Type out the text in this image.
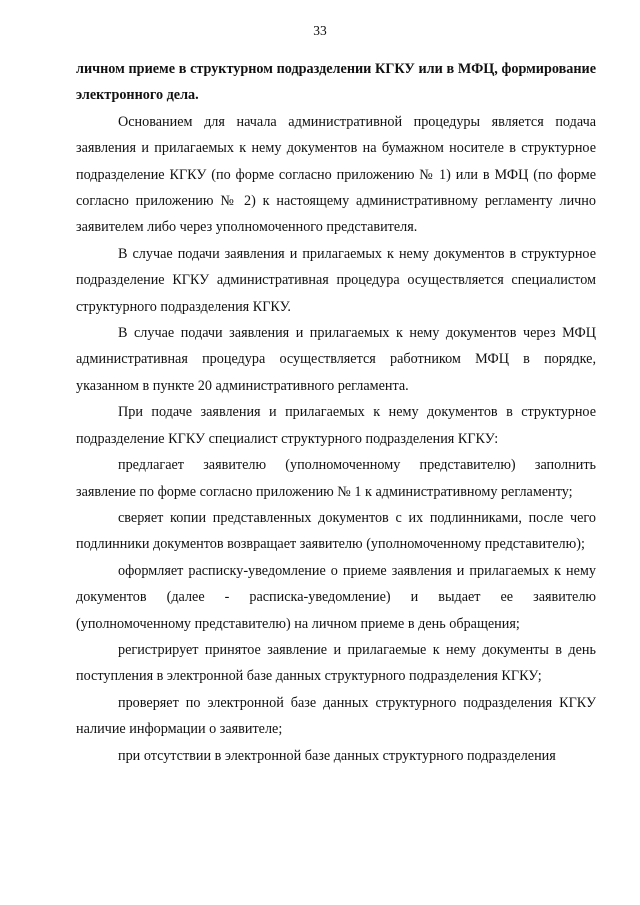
33

личном приеме в структурном подразделении КГКУ или в МФЦ, формирование электронного дела.

Основанием для начала административной процедуры является подача заявления и прилагаемых к нему документов на бумажном носителе в структурное подразделение КГКУ (по форме согласно приложению № 1) или в МФЦ (по форме согласно приложению № 2) к настоящему административному регламенту лично заявителем либо через уполномоченного представителя.

В случае подачи заявления и прилагаемых к нему документов в структурное подразделение КГКУ административная процедура осуществляется специалистом структурного подразделения КГКУ.

В случае подачи заявления и прилагаемых к нему документов через МФЦ административная процедура осуществляется работником МФЦ в порядке, указанном в пункте 20 административного регламента.

При подаче заявления и прилагаемых к нему документов в структурное подразделение КГКУ специалист структурного подразделения КГКУ:

предлагает заявителю (уполномоченному представителю) заполнить заявление по форме согласно приложению № 1 к административному регламенту;

сверяет копии представленных документов с их подлинниками, после чего подлинники документов возвращает заявителю (уполномоченному представителю);

оформляет расписку-уведомление о приеме заявления и прилагаемых к нему документов (далее - расписка-уведомление) и выдает ее заявителю (уполномоченному представителю) на личном приеме в день обращения;

регистрирует принятое заявление и прилагаемые к нему документы в день поступления в электронной базе данных структурного подразделения КГКУ;

проверяет по электронной базе данных структурного подразделения КГКУ наличие информации о заявителе;

при отсутствии в электронной базе данных структурного подразделения
